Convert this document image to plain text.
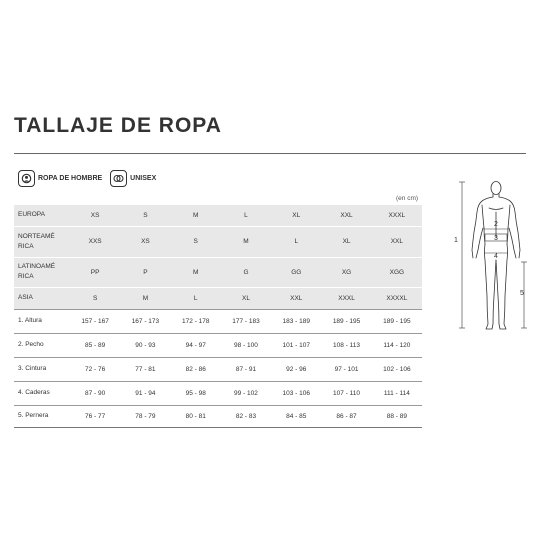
TALLAJE DE ROPA
ROPA DE HOMBRE	UNISEX
(en cm)
EUROPA	XS	S	M	L	XL	XXL	XXXL
NORTEAMÉ
RICA	XXS	XS	S	M	L	XL	XXL
LATINOAMÉ
RICA	PP	P	M	G	GG	XG	XGG
ASIA	S	M	L	XL	XXL	XXXL	XXXXL
1. Altura	157 - 167	167 - 173	172 - 178	177 - 183	183 - 189	189 - 195	189 - 195
2. Pecho	85 - 89	90 - 93	94 - 97	98 - 100	101 - 107	108 - 113	114 - 120
3. Cintura	72 - 76	77 - 81	82 - 86	87 - 91	92 - 96	97 - 101	102 - 106
4. Caderas	87 - 90	91 - 94	95 - 98	99 - 102	103 - 106	107 - 110	111 - 114
5. Pernera	76 - 77	78 - 79	80 - 81	82 - 83	84 - 85	86 - 87	88 - 89
1
2
3
4
5
